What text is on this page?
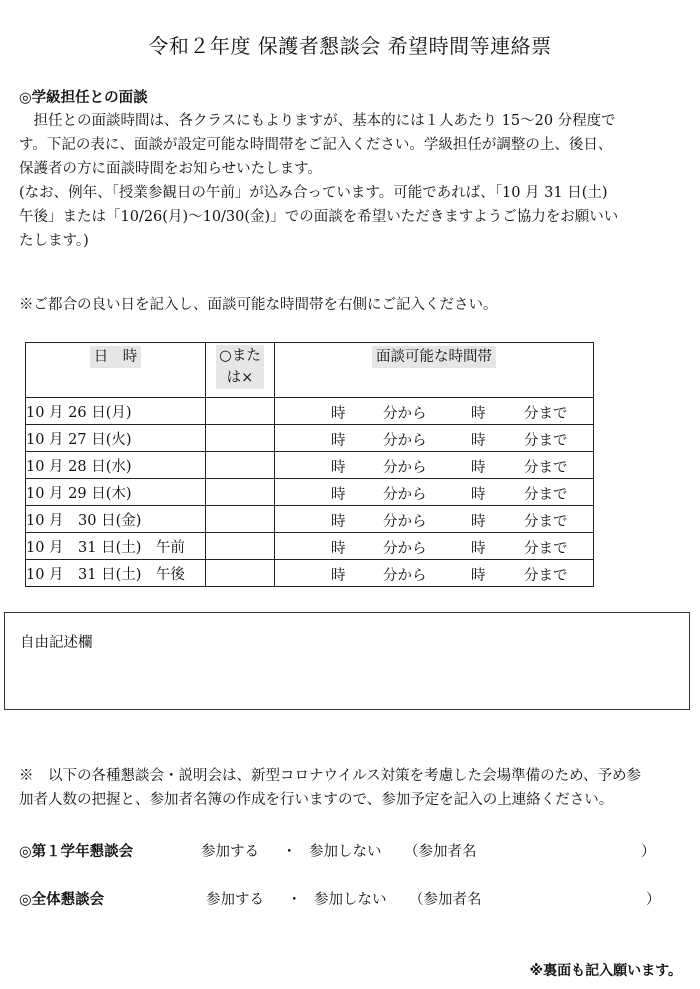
令和２年度 保護者懇談会 希望時間等連絡票
◎学級担任との面談

　担任との面談時間は、各クラスにもよりますが、基本的には１人あたり 15〜20 分程度で

す。下記の表に、面談が設定可能な時間帯をご記入ください。学級担任が調整の上、後日、

保護者の方に面談時間をお知らせいたします。

(なお、例年、「授業参観日の午前」が込み合っています。可能であれば、「10 月 31 日(土)

午後」または「10/26(月)〜10/30(金)」での面談を希望いただきますようご協力をお願いい

たします。)

※ご都合の良い日を記入し、面談可能な時間帯を右側にご記入ください。
日　時	○また
は×	面談可能な時間帯
10 月 26 日(月)		時 分から 時 分まで

10 月 27 日(火)		時 分から 時 分まで

10 月 28 日(水)		時 分から 時 分まで

10 月 29 日(木)		時 分から 時 分まで

10 月　30 日(金)		時 分から 時 分まで

10 月　31 日(土)　午前		時 分から 時 分まで

10 月　31 日(土)　午後		時 分から 時 分まで
自由記述欄

※　以下の各種懇談会・説明会は、新型コロナウイルス対策を考慮した会場準備のため、予め参

加者人数の把握と、参加者名簿の作成を行いますので、参加予定を記入の上連絡ください。

◎第１学年懇談会	参加する ・ 参加しない （参加者名	）
◎全体懇談会	参加する ・ 参加しない （参加者名	）
※裏面も記入願います。
